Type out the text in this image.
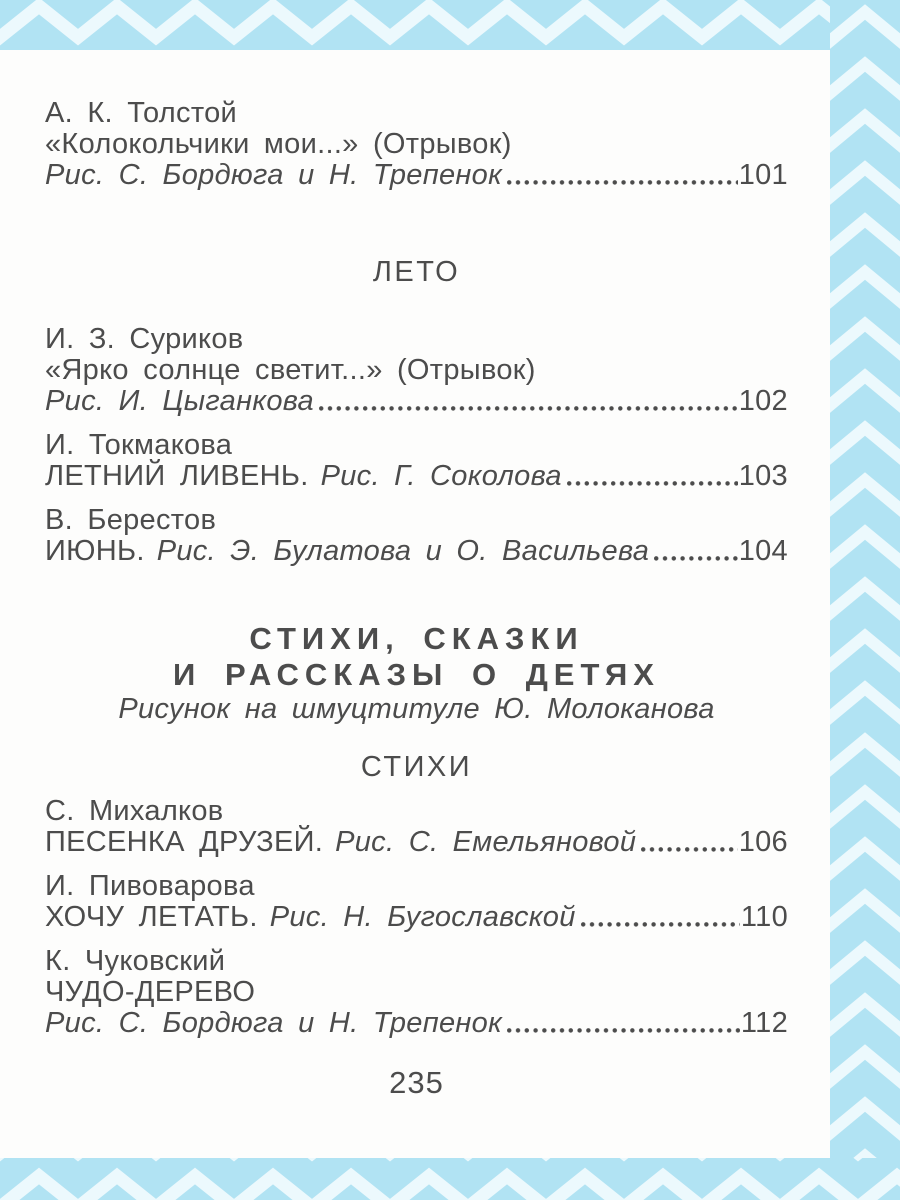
А. К. Толстой
«Колокольчики мои...» (Отрывок)
Рис. С. Бордюга и Н. Трепенок	101
ЛЕТО
И. З. Суриков
«Ярко солнце светит...» (Отрывок)
Рис. И. Цыганкова	102
И. Токмакова
ЛЕТНИЙ ЛИВЕНЬ. Рис. Г. Соколова	103
В. Берестов
ИЮНЬ. Рис. Э. Булатова и О. Васильева	104
СТИХИ, СКАЗКИ
И РАССКАЗЫ О ДЕТЯХ
Рисунок на шмуцтитуле Ю. Молоканова
СТИХИ
С. Михалков
ПЕСЕНКА ДРУЗЕЙ. Рис. С. Емельяновой	106
И. Пивоварова
ХОЧУ ЛЕТАТЬ. Рис. Н. Бугославской	110
К. Чуковский
ЧУДО-ДЕРЕВО
Рис. С. Бордюга и Н. Трепенок	112
235
